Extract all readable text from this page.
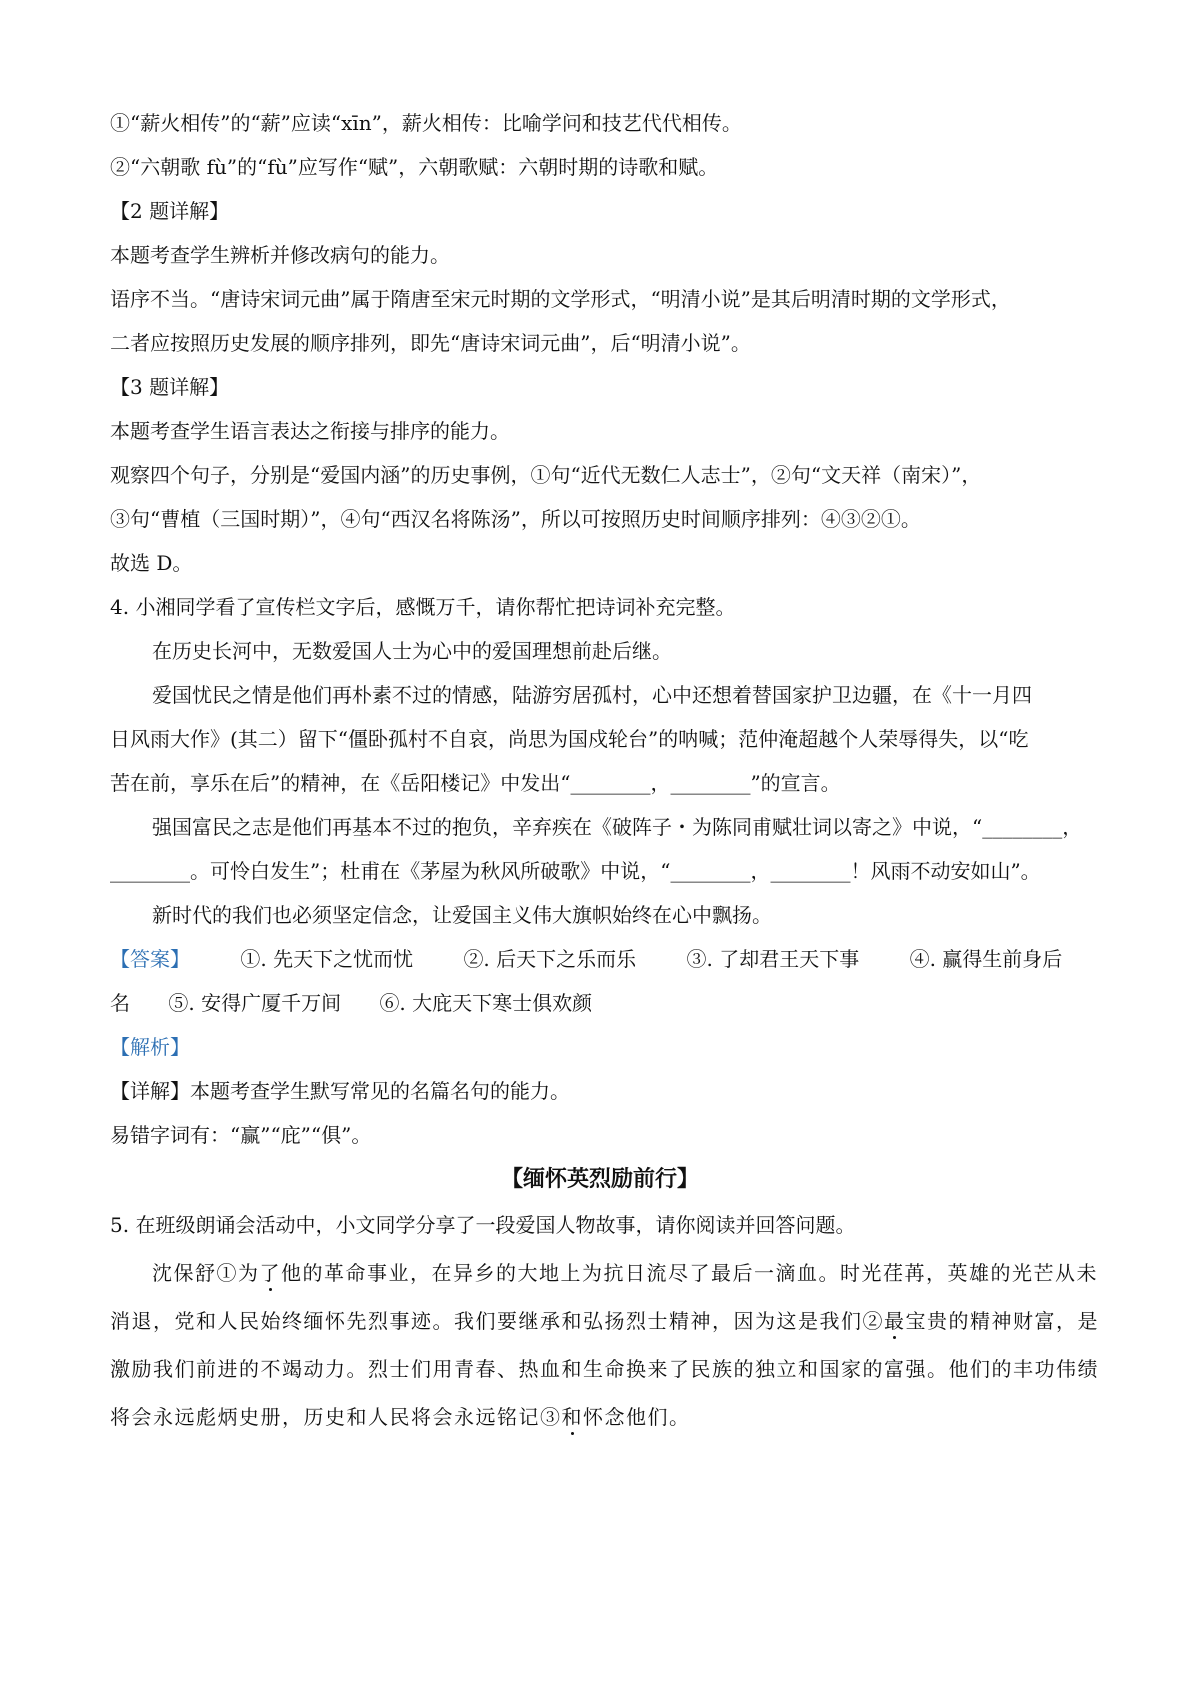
①“薪火相传”的“薪”应读“xīn”，薪火相传：比喻学问和技艺代代相传。
②“六朝歌 fù”的“fù”应写作“赋”，六朝歌赋：六朝时期的诗歌和赋。
【2 题详解】
本题考查学生辨析并修改病句的能力。
语序不当。“唐诗宋词元曲”属于隋唐至宋元时期的文学形式，“明清小说”是其后明清时期的文学形式，
二者应按照历史发展的顺序排列，即先“唐诗宋词元曲”，后“明清小说”。
【3 题详解】
本题考查学生语言表达之衔接与排序的能力。
观察四个句子，分别是“爱国内涵”的历史事例，①句“近代无数仁人志士”，②句“文天祥（南宋）”，
③句“曹植（三国时期）”，④句“西汉名将陈汤”，所以可按照历史时间顺序排列：④③②①。
故选 D。
4. 小湘同学看了宣传栏文字后，感慨万千，请你帮忙把诗词补充完整。
在历史长河中，无数爱国人士为心中的爱国理想前赴后继。
爱国忧民之情是他们再朴素不过的情感，陆游穷居孤村，心中还想着替国家护卫边疆，在《十一月四
日风雨大作》(其二）留下“僵卧孤村不自哀，尚思为国戍轮台”的呐喊；范仲淹超越个人荣辱得失，以“吃
苦在前，享乐在后”的精神，在《岳阳楼记》中发出“________，________”的宣言。
强国富民之志是他们再基本不过的抱负，辛弃疾在《破阵子・为陈同甫赋壮词以寄之》中说，“________，
________。可怜白发生”；杜甫在《茅屋为秋风所破歌》中说，“________，________！风雨不动安如山”。
新时代的我们也必须坚定信念，让爱国主义伟大旗帜始终在心中飘扬。
【答案】	①. 先天下之忧而忧	②. 后天下之乐而乐	③. 了却君王天下事	④. 赢得生前身后
名 ⑤. 安得广厦千万间 ⑥. 大庇天下寒士俱欢颜
【解析】
【详解】本题考查学生默写常见的名篇名句的能力。
易错字词有：“赢”“庇”“俱”。
【缅怀英烈励前行】
5. 在班级朗诵会活动中，小文同学分享了一段爱国人物故事，请你阅读并回答问题。
沈保舒①为了他的革命事业，在异乡的大地上为抗日流尽了最后一滴血。时光荏苒，英雄的光芒从未
消退，党和人民始终缅怀先烈事迹。我们要继承和弘扬烈士精神，因为这是我们②最宝贵的精神财富，是
激励我们前进的不竭动力。烈士们用青春、热血和生命换来了民族的独立和国家的富强。他们的丰功伟绩
将会永远彪炳史册，历史和人民将会永远铭记③和怀念他们。
